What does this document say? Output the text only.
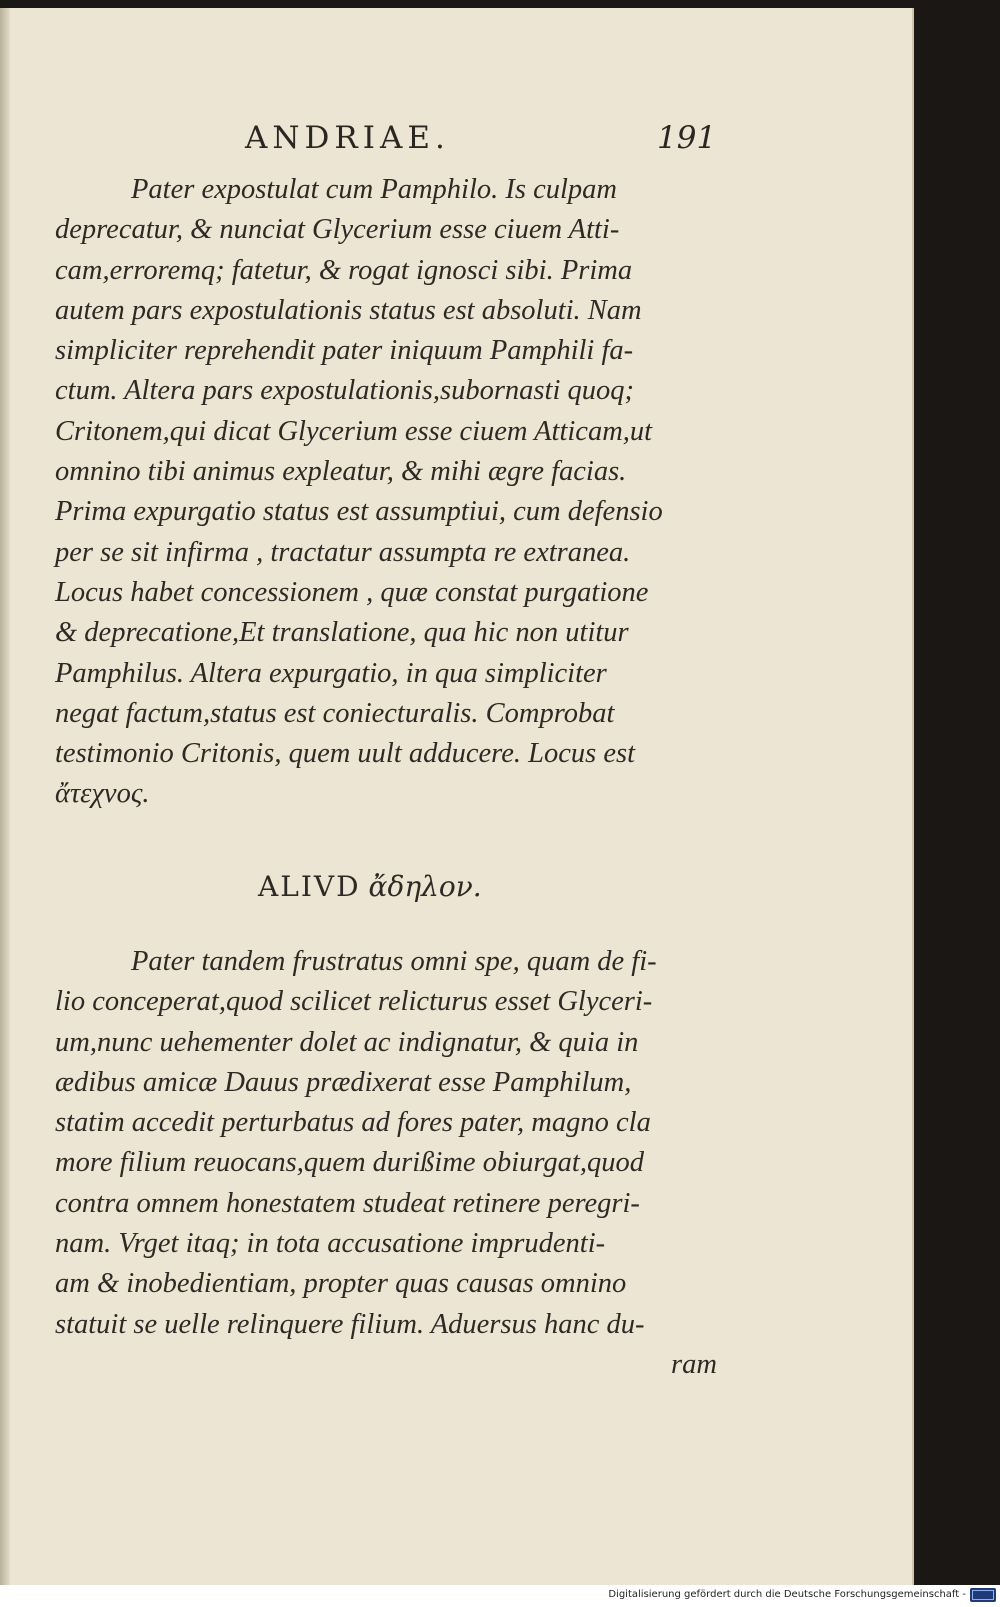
ANDRIAE.	191
Pater expostulat cum Pamphilo. Is culpam
deprecatur, & nunciat Glycerium esse ciuem Atti-
cam,erroremq; fatetur, & rogat ignosci sibi. Prima
autem pars expostulationis status est absoluti. Nam
simpliciter reprehendit pater iniquum Pamphili fa-
ctum. Altera pars expostulationis,subornasti quoq;
Critonem,qui dicat Glycerium esse ciuem Atticam,ut
omnino tibi animus expleatur, & mihi ægre facias.
Prima expurgatio status est assumptiui, cum defensio
per se sit infirma , tractatur assumpta re extranea.
Locus habet concessionem , quæ constat purgatione
& deprecatione,Et translatione, qua hic non utitur
Pamphilus. Altera expurgatio, in qua simpliciter
negat factum,status est coniecturalis. Comprobat
testimonio Critonis, quem uult adducere. Locus est
ἄτεχνος.
ALIVD ἄδηλον.
Pater tandem frustratus omni spe, quam de fi-
lio conceperat,quod scilicet relicturus esset Glyceri-
um,nunc uehementer dolet ac indignatur, & quia in
ædibus amicæ Dauus prædixerat esse Pamphilum,
statim accedit perturbatus ad fores pater, magno cla
more filium reuocans,quem durißime obiurgat,quod
contra omnem honestatem studeat retinere peregri-
nam. Vrget itaq; in tota accusatione imprudenti-
am & inobedientiam, propter quas causas omnino
statuit se uelle relinquere filium. Aduersus hanc du-
ram
Digitalisierung gefördert durch die Deutsche Forschungsgemeinschaft -
